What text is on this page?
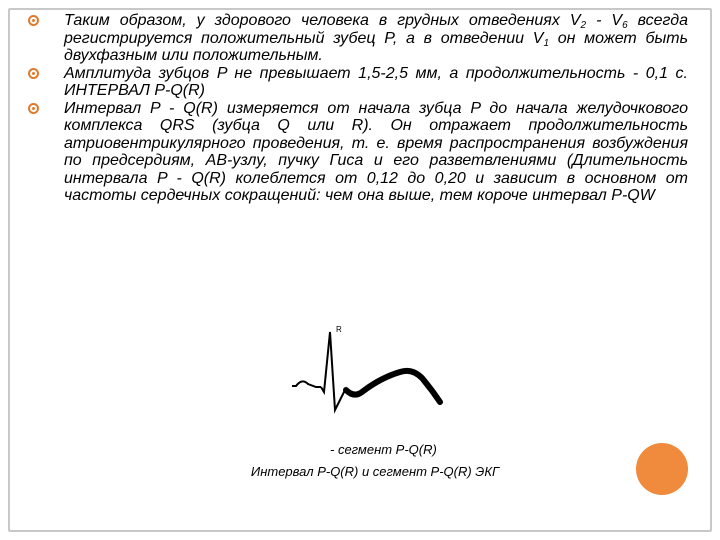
Таким образом, у здорового человека в грудных отведениях $V_2 - V_6$ всегда регистрируется положительный зубец P, а в отведении $V_1$ он может быть двухфазным или положительным.
Амплитуда зубцов P не превышает 1,5-2,5 мм, а продолжительность - 0,1 с. ИНТЕРВАЛ P-Q(R)
Интервал P - Q(R) измеряется от начала зубца P до начала желудочкового комплекса QRS (зубца Q или R). Он отражает продолжительность атриовентрикулярного проведения, т. е. время распространения возбуждения по предсердиям, AB-узлу, пучку Гиса и его разветвлениями (Длительность интервала P - Q(R) колеблется от 0,12 до 0,20 и зависит в основном от частоты сердечных сокращений: чем она выше, тем короче интервал P-QW
R
- сегмент P-Q(R)
Интервал P-Q(R) и сегмент P-Q(R) ЭКГ
